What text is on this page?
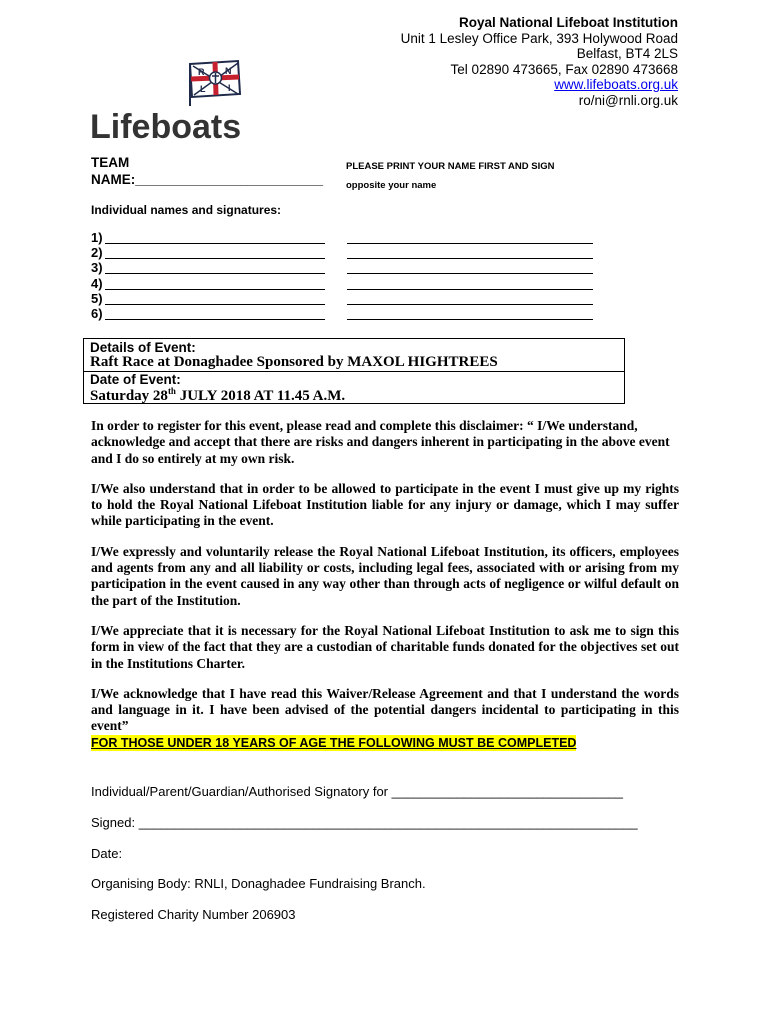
Royal National Lifeboat Institution
Unit 1 Lesley Office Park, 393 Holywood Road
Belfast, BT4 2LS
Tel 02890 473665, Fax 02890 473668
www.lifeboats.org.uk
ro/ni@rnli.org.uk
R N
L	I
Lifeboats
TEAM
NAME:_________________________
PLEASE PRINT YOUR NAME FIRST AND SIGN
opposite your name
Individual names and signatures:
1)
2)
3)
4)
5)
6)
Details of Event:
Raft Race at Donaghadee Sponsored by MAXOL HIGHTREES
Date of Event:
Saturday 28th JULY 2018 AT 11.45 A.M.

In order to register for this event, please read and complete this disclaimer: “ I/We understand, acknowledge and accept that there are risks and dangers inherent in participating in the above event and I do so entirely at my own risk.

I/We also understand that in order to be allowed to participate in the event I must give up my rights to hold the Royal National Lifeboat Institution liable for any injury or damage, which I may suffer while participating in the event.

I/We expressly and voluntarily release the Royal National Lifeboat Institution, its officers, employees and agents from any and all liability or costs, including legal fees, associated with or arising from my participation in the event caused in any way other than through acts of negligence or wilful default on the part of the Institution.

I/We appreciate that it is necessary for the Royal National Lifeboat Institution to ask me to sign this form in view of the fact that they are a custodian of charitable funds donated for the objectives set out in the Institutions Charter.

I/We acknowledge that I have read this Waiver/Release Agreement and that I understand the words and language in it. I have been advised of the potential dangers incidental to participating in this event”

FOR THOSE UNDER 18 YEARS OF AGE THE FOLLOWING MUST BE COMPLETED
Individual/Parent/Guardian/Authorised Signatory for ________________________________
Signed: _____________________________________________________________________
Date:
Organising Body: RNLI, Donaghadee Fundraising Branch.
Registered Charity Number 206903
